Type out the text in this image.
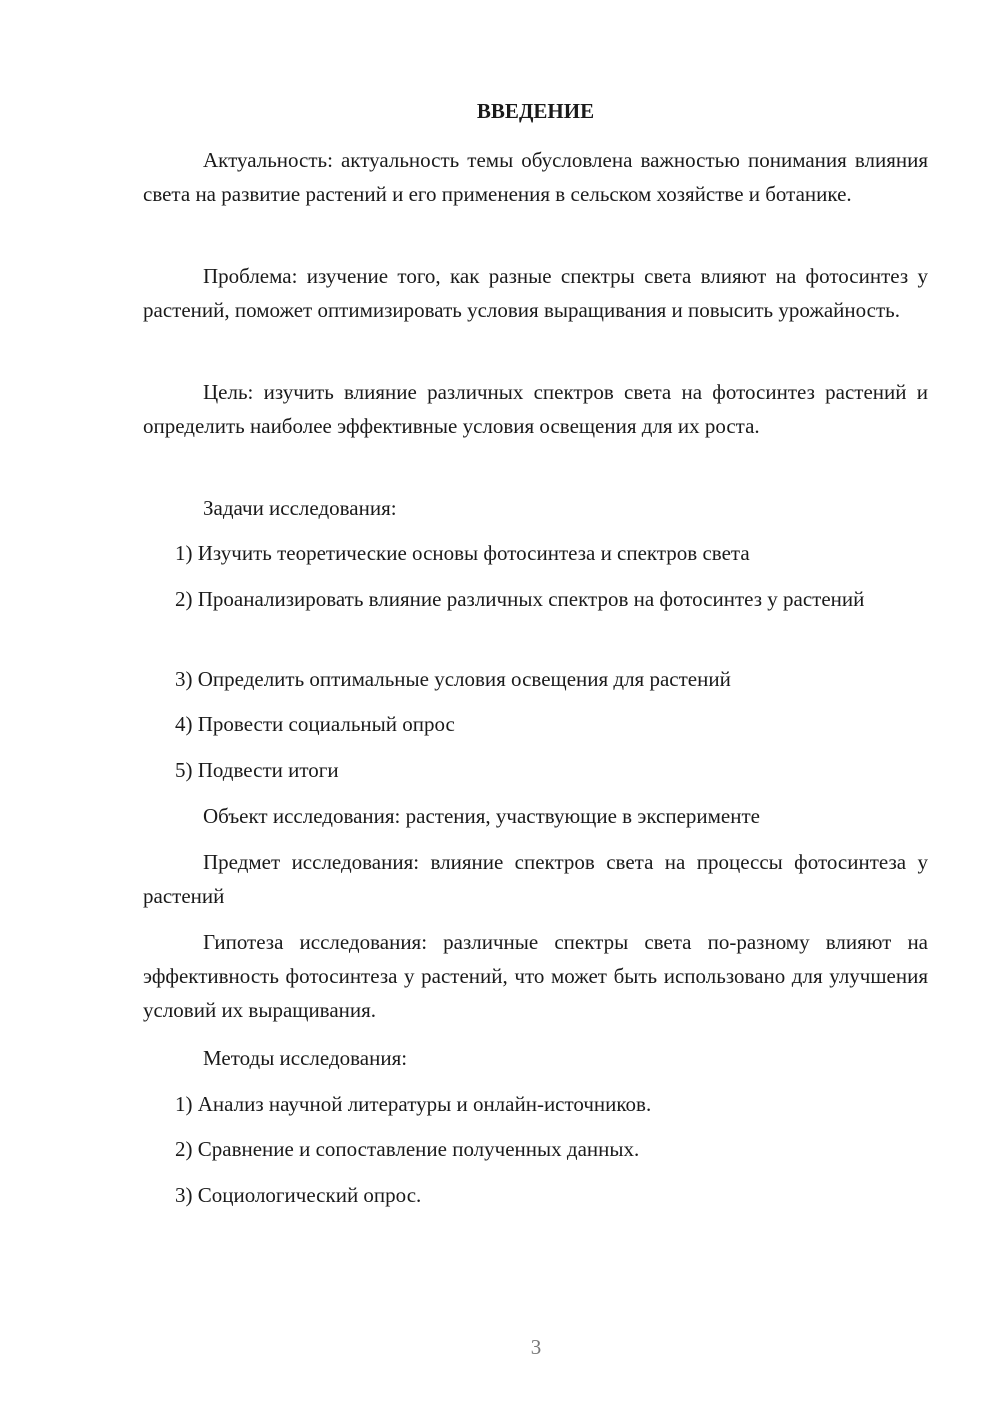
ВВЕДЕНИЕ

Актуальность: актуальность темы обусловлена важностью понимания влияния света на развитие растений и его применения в сельском хозяйстве и ботанике.

Проблема: изучение того, как разные спектры света влияют на фотосинтез у растений, поможет оптимизировать условия выращивания и повысить урожайность.

Цель: изучить влияние различных спектров света на фотосинтез растений и определить наиболее эффективные условия освещения для их роста.

Задачи исследования:

1) Изучить теоретические основы фотосинтеза и спектров света

2) Проанализировать влияние различных спектров на фотосинтез у растений

3) Определить оптимальные условия освещения для растений

4) Провести социальный опрос

5) Подвести итоги

Объект исследования: растения, участвующие в эксперименте

Предмет исследования: влияние спектров света на процессы фотосинтеза у растений

Гипотеза исследования: различные спектры света по-разному влияют на эффективность фотосинтеза у растений, что может быть использовано для улучшения условий их выращивания.

Методы исследования:

1) Анализ научной литературы и онлайн-источников.

2) Сравнение и сопоставление полученных данных.

3) Социологический опрос.

3
